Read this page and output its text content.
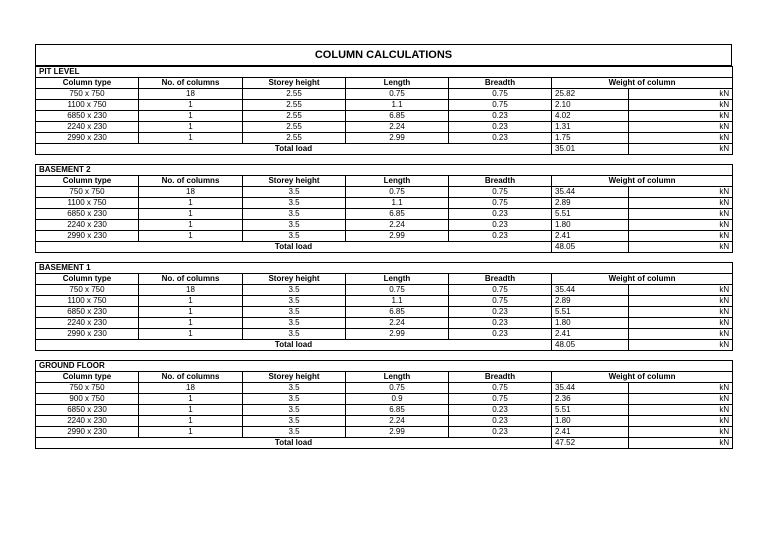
COLUMN CALCULATIONS
PIT LEVEL						
Column type	No. of columns	Storey height	Length	Breadth	Weight of column	
750 x 750	18	2.55	0.75	0.75	25.82	kN
1100 x 750	1	2.55	1.1	0.75	2.10	kN
6850 x 230	1	2.55	6.85	0.23	4.02	kN
2240 x 230	1	2.55	2.24	0.23	1.31	kN
2990 x 230	1	2.55	2.99	0.23	1.75	kN
Total load					35.01	kN

BASEMENT 2						
Column type	No. of columns	Storey height	Length	Breadth	Weight of column	
750 x 750	18	3.5	0.75	0.75	35.44	kN
1100 x 750	1	3.5	1.1	0.75	2.89	kN
6850 x 230	1	3.5	6.85	0.23	5.51	kN
2240 x 230	1	3.5	2.24	0.23	1.80	kN
2990 x 230	1	3.5	2.99	0.23	2.41	kN
Total load					48.05	kN

BASEMENT 1						
Column type	No. of columns	Storey height	Length	Breadth	Weight of column	
750 x 750	18	3.5	0.75	0.75	35.44	kN
1100 x 750	1	3.5	1.1	0.75	2.89	kN
6850 x 230	1	3.5	6.85	0.23	5.51	kN
2240 x 230	1	3.5	2.24	0.23	1.80	kN
2990 x 230	1	3.5	2.99	0.23	2.41	kN
Total load					48.05	kN

GROUND FLOOR						
Column type	No. of columns	Storey height	Length	Breadth	Weight of column	
750 x 750	18	3.5	0.75	0.75	35.44	kN
900 x 750	1	3.5	0.9	0.75	2.36	kN
6850 x 230	1	3.5	6.85	0.23	5.51	kN
2240 x 230	1	3.5	2.24	0.23	1.80	kN
2990 x 230	1	3.5	2.99	0.23	2.41	kN
Total load					47.52	kN
